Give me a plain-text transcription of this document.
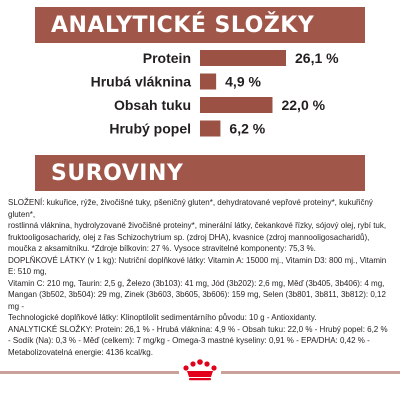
ANALYTICKÉ SLOŽKY
Protein	26,1 %
Hrubá vláknina 4,9 %
Obsah tuku	22,0 %
Hrubý popel	6,2 %
SUROVINY

SLOŽENÍ: kukuřice, rýže, živočišné tuky, pšeničný gluten*, dehydratované vepřové proteiny*, kukuřičný gluten*,

rostlinná vláknina, hydrolyzované živočišné proteiny*, minerální látky, čekankové řízky, sójový olej, rybí tuk,

fruktooligosacharidy, olej z řas Schizochytrium sp. (zdroj DHA), kvasnice (zdroj mannooligosacharidů),

moučka z aksamitníku. *Zdroje bílkovin: 27 %. Vysoce stravitelné komponenty: 75,3 %.

DOPLŇKOVÉ LÁTKY (v 1 kg): Nutriční doplňkové látky: Vitamin A: 15000 mj., Vitamin D3: 800 mj., Vitamin E: 510 mg,

Vitamin C: 210 mg, Taurin: 2,5 g, Železo (3b103): 41 mg, Jód (3b202): 2,6 mg, Měď (3b405, 3b406): 4 mg,

Mangan (3b502, 3b504): 29 mg, Zinek (3b603, 3b605, 3b606): 159 mg, Selen (3b801, 3b811, 3b812): 0,12 mg -

Technologické doplňkové látky: Klinoptilolit sedimentárního původu: 10 g - Antioxidanty.

ANALYTICKÉ SLOŽKY: Protein: 26,1 % - Hrubá vláknina: 4,9 % - Obsah tuku: 22,0 % - Hrubý popel: 6,2 %

- Sodík (Na): 0,3 % - Měď (celkem): 7 mg/kg - Omega-3 mastné kyseliny: 0,91 % - EPA/DHA: 0,42 % -

Metabolizovatelná energie: 4136 kcal/kg.
